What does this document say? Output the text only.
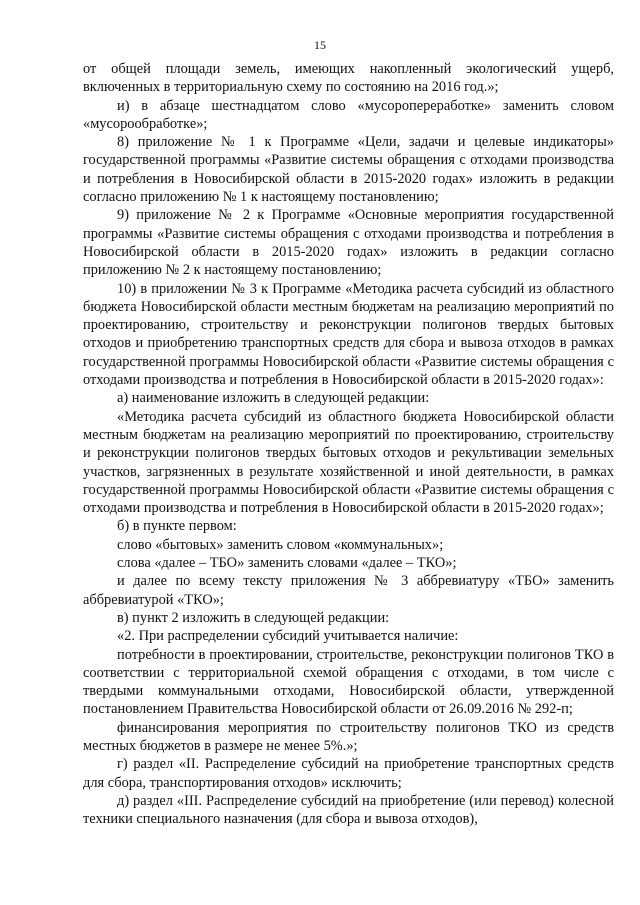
15

от общей площади земель, имеющих накопленный экологический ущерб, включенных в территориальную схему по состоянию на 2016 год.»;

и) в абзаце шестнадцатом слово «мусоропереработке» заменить словом «мусорообработке»;

8) приложение № 1 к Программе «Цели, задачи и целевые индикаторы» государственной программы «Развитие системы обращения с отходами производства и потребления в Новосибирской области в 2015-2020 годах» изложить в редакции согласно приложению № 1 к настоящему постановлению;

9) приложение № 2 к Программе «Основные мероприятия государственной программы «Развитие системы обращения с отходами производства и потребления в Новосибирской области в 2015-2020 годах» изложить в редакции согласно приложению № 2 к настоящему постановлению;

10) в приложении № 3 к Программе «Методика расчета субсидий из областного бюджета Новосибирской области местным бюджетам на реализацию мероприятий по проектированию, строительству и реконструкции полигонов твердых бытовых отходов и приобретению транспортных средств для сбора и вывоза отходов в рамках государственной программы Новосибирской области «Развитие системы обращения с отходами производства и потребления в Новосибирской области в 2015-2020 годах»:

а) наименование изложить в следующей редакции:

«Методика расчета субсидий из областного бюджета Новосибирской области местным бюджетам на реализацию мероприятий по проектированию, строительству и реконструкции полигонов твердых бытовых отходов и рекультивации земельных участков, загрязненных в результате хозяйственной и иной деятельности, в рамках государственной программы Новосибирской области «Развитие системы обращения с отходами производства и потребления в Новосибирской области в 2015-2020 годах»;

б) в пункте первом:

слово «бытовых» заменить словом «коммунальных»;

слова «далее – ТБО» заменить словами «далее – ТКО»;

и далее по всему тексту приложения № 3 аббревиатуру «ТБО» заменить аббревиатурой «ТКО»;

в) пункт 2 изложить в следующей редакции:

«2. При распределении субсидий учитывается наличие:

потребности в проектировании, строительстве, реконструкции полигонов ТКО в соответствии с территориальной схемой обращения с отходами, в том числе с твердыми коммунальными отходами, Новосибирской области, утвержденной постановлением Правительства Новосибирской области от 26.09.2016 № 292-п;

финансирования мероприятия по строительству полигонов ТКО из средств местных бюджетов в размере не менее 5%.»;

г) раздел «II. Распределение субсидий на приобретение транспортных средств для сбора, транспортирования отходов» исключить;

д) раздел «III. Распределение субсидий на приобретение (или перевод) колесной техники специального назначения (для сбора и вывоза отходов),
